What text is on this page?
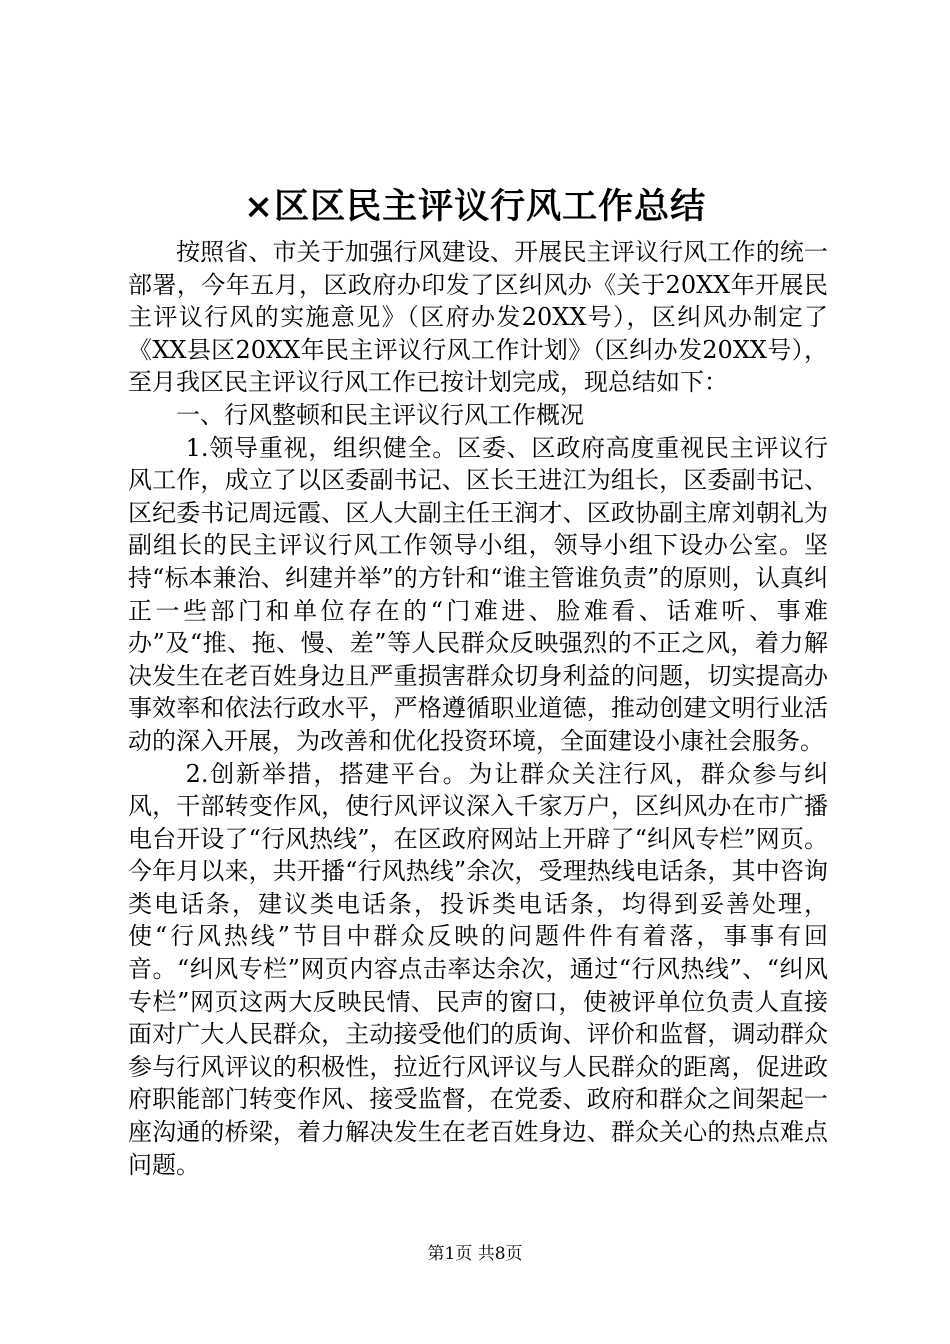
×区区民主评议行风工作总结

按照省、市关于加强行风建设、开展民主评议行风工作的统一部署，今年五月，区政府办印发了区纠风办《关于20XX年开展民主评议行风的实施意见》（区府办发20XX号），区纠风办制定了《XX县区20XX年民主评议行风工作计划》（区纠办发20XX号），至月我区民主评议行风工作已按计划完成，现总结如下：

一、行风整顿和民主评议行风工作概况

1.领导重视，组织健全。区委、区政府高度重视民主评议行风工作，成立了以区委副书记、区长王进江为组长，区委副书记、区纪委书记周远霞、区人大副主任王润才、区政协副主席刘朝礼为副组长的民主评议行风工作领导小组，领导小组下设办公室。坚持“标本兼治、纠建并举”的方针和“谁主管谁负责”的原则，认真纠正一些部门和单位存在的“门难进、脸难看、话难听、事难办”及“推、拖、慢、差”等人民群众反映强烈的不正之风，着力解决发生在老百姓身边且严重损害群众切身利益的问题，切实提高办事效率和依法行政水平，严格遵循职业道德，推动创建文明行业活动的深入开展，为改善和优化投资环境，全面建设小康社会服务。

2.创新举措，搭建平台。为让群众关注行风，群众参与纠风，干部转变作风，使行风评议深入千家万户，区纠风办在市广播电台开设了“行风热线”，在区政府网站上开辟了“纠风专栏”网页。今年月以来，共开播“行风热线”余次，受理热线电话条，其中咨询类电话条，建议类电话条，投诉类电话条，均得到妥善处理，使“行风热线”节目中群众反映的问题件件有着落，事事有回音。“纠风专栏”网页内容点击率达余次，通过“行风热线”、“纠风专栏”网页这两大反映民情、民声的窗口，使被评单位负责人直接面对广大人民群众，主动接受他们的质询、评价和监督，调动群众参与行风评议的积极性，拉近行风评议与人民群众的距离，促进政府职能部门转变作风、接受监督，在党委、政府和群众之间架起一座沟通的桥梁，着力解决发生在老百姓身边、群众关心的热点难点问题。

第1页 共8页
